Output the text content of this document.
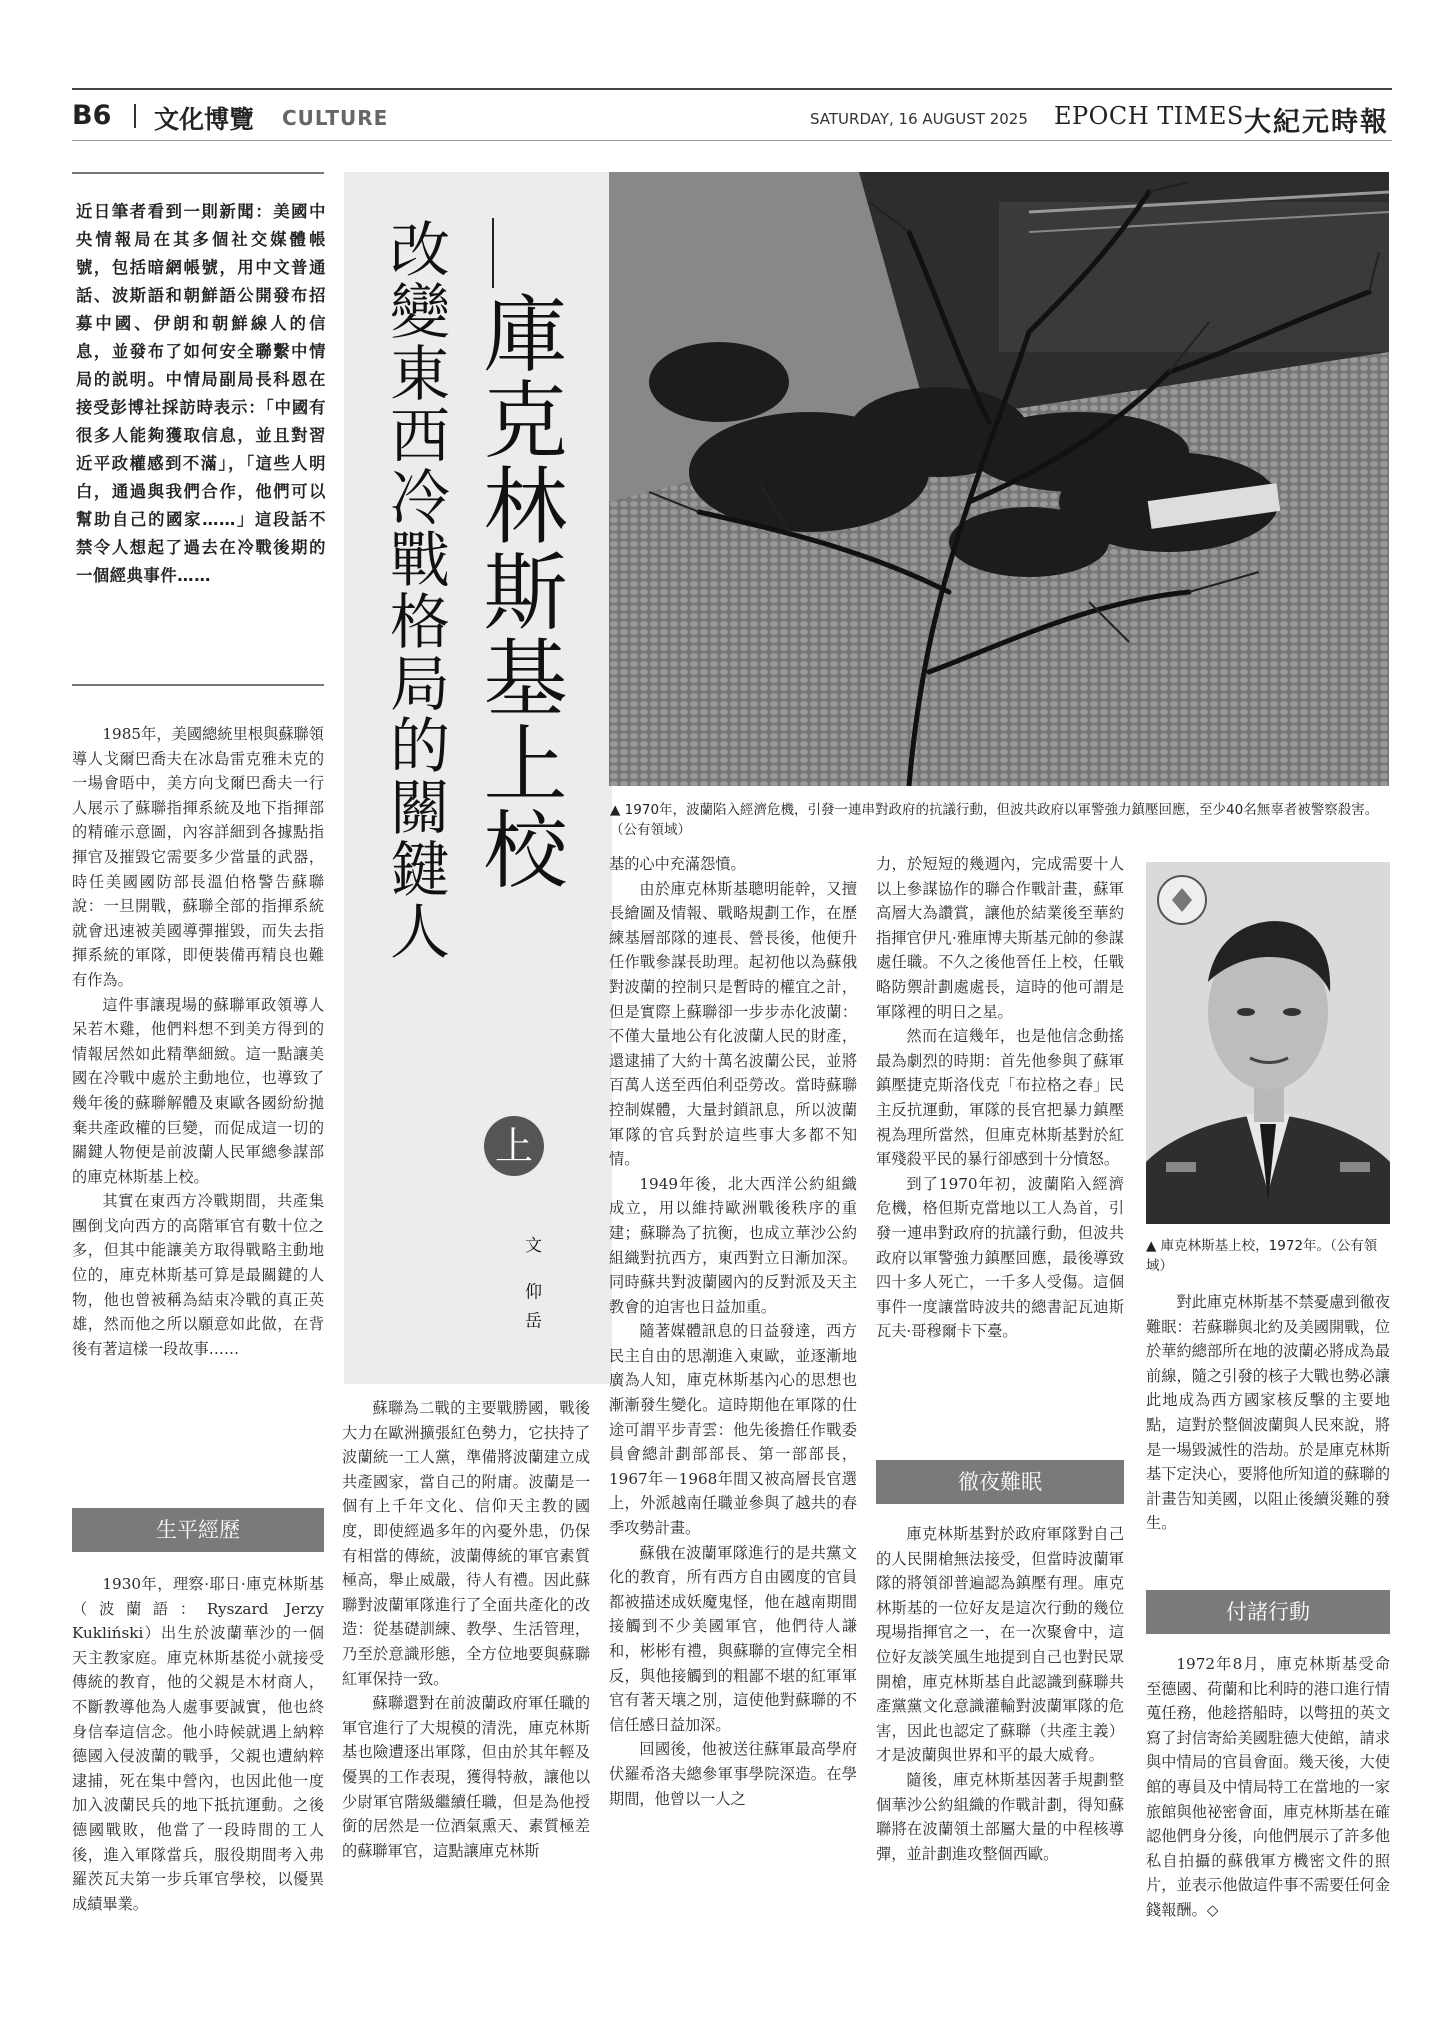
B6 文化博覽 CULTURE	SATURDAY, 16 AUGUST 2025 EPOCH TIMES 大紀元時報
近日筆者看到一則新聞：美國中央情報局在其多個社交媒體帳號，包括暗網帳號，用中文普通話、波斯語和朝鮮語公開發布招募中國、伊朗和朝鮮線人的信息，並發布了如何安全聯繫中情局的説明。中情局副局長科恩在接受彭博社採訪時表示：「中國有很多人能夠獲取信息，並且對習近平政權感到不滿」，「這些人明白，通過與我們合作，他們可以幫助自己的國家……」這段話不禁令人想起了過去在冷戰後期的一個經典事件……	庫克林斯基上校
改變東西冷戰格局的關鍵人
上
文 仰岳
▲ 1970年，波蘭陷入經濟危機，引發一連串對政府的抗議行動，但波共政府以軍警強力鎮壓回應，至少40名無辜者被警察殺害。（公有領域）
▲ 庫克林斯基上校，1972年。（公有領域）

1985年，美國總統里根與蘇聯領導人戈爾巴喬夫在冰島雷克雅未克的一場會晤中，美方向戈爾巴喬夫一行人展示了蘇聯指揮系統及地下指揮部的精確示意圖，內容詳細到各據點指揮官及摧毀它需要多少當量的武器，時任美國國防部長溫伯格警告蘇聯說：一旦開戰，蘇聯全部的指揮系統就會迅速被美國導彈摧毀，而失去指揮系統的軍隊，即便裝備再精良也難有作為。

這件事讓現場的蘇聯軍政領導人呆若木雞，他們料想不到美方得到的情報居然如此精準細緻。這一點讓美國在冷戰中處於主動地位，也導致了幾年後的蘇聯解體及東歐各國紛紛拋棄共產政權的巨變，而促成這一切的關鍵人物便是前波蘭人民軍總參謀部的庫克林斯基上校。

其實在東西方冷戰期間，共產集團倒戈向西方的高階軍官有數十位之多，但其中能讓美方取得戰略主動地位的，庫克林斯基可算是最關鍵的人物，他也曾被稱為結束冷戰的真正英雄，然而他之所以願意如此做，在背後有著這樣一段故事……

生平經歷

1930年，理察·耶日·庫克林斯基（波蘭語：Ryszard Jerzy Kukliński）出生於波蘭華沙的一個天主教家庭。庫克林斯基從小就接受傳統的教育，他的父親是木材商人，不斷教導他為人處事要誠實，他也終身信奉這信念。他小時候就遇上納粹德國入侵波蘭的戰爭，父親也遭納粹逮捕，死在集中營內，也因此他一度加入波蘭民兵的地下抵抗運動。之後德國戰敗，他當了一段時間的工人後，進入軍隊當兵，服役期間考入弗羅茨瓦夫第一步兵軍官學校，以優異成績畢業。

蘇聯為二戰的主要戰勝國，戰後大力在歐洲擴張紅色勢力，它扶持了波蘭統一工人黨，準備將波蘭建立成共產國家，當自己的附庸。波蘭是一個有上千年文化、信仰天主教的國度，即使經過多年的內憂外患，仍保有相當的傳統，波蘭傳統的軍官素質極高，舉止威嚴，待人有禮。因此蘇聯對波蘭軍隊進行了全面共產化的改造：從基礎訓練、教學、生活管理，乃至於意識形態，全方位地要與蘇聯紅軍保持一致。

蘇聯還對在前波蘭政府軍任職的軍官進行了大規模的清洗，庫克林斯基也險遭逐出軍隊，但由於其年輕及優異的工作表現，獲得特赦，讓他以少尉軍官階級繼續任職，但是為他授銜的居然是一位酒氣熏天、素質極差的蘇聯軍官，這點讓庫克林斯

基的心中充滿怨憤。

由於庫克林斯基聰明能幹，又擅長繪圖及情報、戰略規劃工作，在歷練基層部隊的連長、營長後，他便升任作戰參謀長助理。起初他以為蘇俄對波蘭的控制只是暫時的權宜之計，但是實際上蘇聯卻一步步赤化波蘭：不僅大量地公有化波蘭人民的財產，還逮捕了大約十萬名波蘭公民，並將百萬人送至西伯利亞勞改。當時蘇聯控制媒體，大量封鎖訊息，所以波蘭軍隊的官兵對於這些事大多都不知情。

1949年後，北大西洋公約組織成立，用以維持歐洲戰後秩序的重建；蘇聯為了抗衡，也成立華沙公約組織對抗西方，東西對立日漸加深。同時蘇共對波蘭國內的反對派及天主教會的迫害也日益加重。

隨著媒體訊息的日益發達，西方民主自由的思潮進入東歐，並逐漸地廣為人知，庫克林斯基內心的思想也漸漸發生變化。這時期他在軍隊的仕途可謂平步青雲：他先後擔任作戰委員會總計劃部部長、第一部部長，1967年－1968年間又被高層長官選上，外派越南任職並參與了越共的春季攻勢計畫。

蘇俄在波蘭軍隊進行的是共黨文化的教育，所有西方自由國度的官員都被描述成妖魔鬼怪，他在越南期間接觸到不少美國軍官，他們待人謙和，彬彬有禮，與蘇聯的宣傳完全相反，與他接觸到的粗鄙不堪的紅軍軍官有著天壤之別，這使他對蘇聯的不信任感日益加深。

回國後，他被送往蘇軍最高學府伏羅希洛夫總參軍事學院深造。在學期間，他曾以一人之

力，於短短的幾週內，完成需要十人以上參謀協作的聯合作戰計畫，蘇軍高層大為讚賞，讓他於結業後至華約指揮官伊凡·雅庫博夫斯基元帥的參謀處任職。不久之後他晉任上校，任戰略防禦計劃處處長，這時的他可謂是軍隊裡的明日之星。

然而在這幾年，也是他信念動搖最為劇烈的時期：首先他參與了蘇軍鎮壓捷克斯洛伐克「布拉格之春」民主反抗運動，軍隊的長官把暴力鎮壓視為理所當然，但庫克林斯基對於紅軍殘殺平民的暴行卻感到十分憤怒。

到了1970年初，波蘭陷入經濟危機，格但斯克當地以工人為首，引發一連串對政府的抗議行動，但波共政府以軍警強力鎮壓回應，最後導致四十多人死亡，一千多人受傷。這個事件一度讓當時波共的總書記瓦迪斯瓦夫·哥穆爾卡下臺。

徹夜難眠

庫克林斯基對於政府軍隊對自己的人民開槍無法接受，但當時波蘭軍隊的將領卻普遍認為鎮壓有理。庫克林斯基的一位好友是這次行動的幾位現場指揮官之一，在一次聚會中，這位好友談笑風生地提到自己也對民眾開槍，庫克林斯基自此認識到蘇聯共產黨黨文化意識灌輸對波蘭軍隊的危害，因此也認定了蘇聯（共產主義）才是波蘭與世界和平的最大威脅。

隨後，庫克林斯基因著手規劃整個華沙公約組織的作戰計劃，得知蘇聯將在波蘭領土部屬大量的中程核導彈，並計劃進攻整個西歐。

對此庫克林斯基不禁憂慮到徹夜難眠：若蘇聯與北約及美國開戰，位於華約總部所在地的波蘭必將成為最前線，隨之引發的核子大戰也勢必讓此地成為西方國家核反擊的主要地點，這對於整個波蘭與人民來說，將是一場毀滅性的浩劫。於是庫克林斯基下定決心，要將他所知道的蘇聯的計畫告知美國，以阻止後續災難的發生。

付諸行動

1972年8月，庫克林斯基受命至德國、荷蘭和比利時的港口進行情蒐任務，他趁搭船時，以彆扭的英文寫了封信寄給美國駐德大使館，請求與中情局的官員會面。幾天後，大使館的專員及中情局特工在當地的一家旅館與他祕密會面，庫克林斯基在確認他們身分後，向他們展示了許多他私自拍攝的蘇俄軍方機密文件的照片，並表示他做這件事不需要任何金錢報酬。◇
